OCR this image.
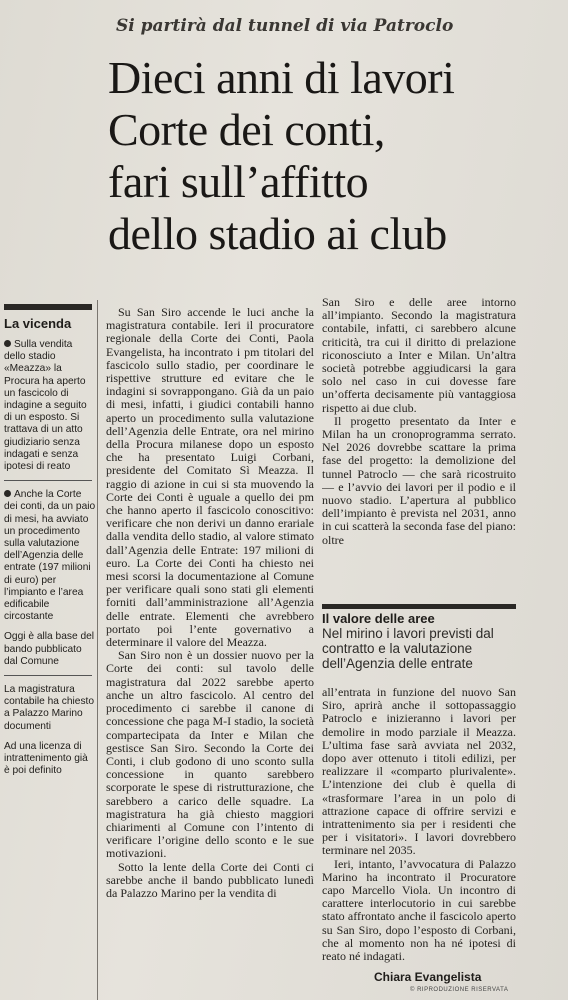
Si partirà dal tunnel di via Patroclo
Dieci anni di lavori
Corte dei conti,
fari sull’affitto
dello stadio ai club
La vicenda
Sulla vendita dello stadio «Meazza» la Procura ha aperto un fascicolo di indagine a seguito di un esposto. Si trattava di un atto giudiziario senza indagati e senza ipotesi di reato
Anche la Corte dei conti, da un paio di mesi, ha avviato un procedimento sulla valutazione dell’Agenzia delle entrate (197 milioni di euro) per l’impianto e l’area edificabile circostante
Oggi è alla base del bando pubblicato dal Comune
La magistratura contabile ha chiesto a Palazzo Marino documenti
Ad una licenza di intrattenimento già è poi definito

Su San Siro accende le luci anche la magistratura contabile. Ieri il procuratore regionale della Corte dei Conti, Paola Evangelista, ha incontrato i pm titolari del fascicolo sullo stadio, per coordinare le rispettive strutture ed evitare che le indagini si sovrappongano. Già da un paio di mesi, infatti, i giudici contabili hanno aperto un procedimento sulla valutazione dell’Agenzia delle Entrate, ora nel mirino della Procura milanese dopo un esposto che ha presentato Luigi Corbani, presidente del Comitato Sì Meazza. Il raggio di azione in cui si sta muovendo la Corte dei Conti è uguale a quello dei pm che hanno aperto il fascicolo conoscitivo: verificare che non derivi un danno erariale dalla vendita dello stadio, al valore stimato dall’Agenzia delle Entrate: 197 milioni di euro. La Corte dei Conti ha chiesto nei mesi scorsi la documentazione al Comune per verificare quali sono stati gli elementi forniti dall’amministrazione all’Agenzia delle entrate. Elementi che avrebbero portato poi l’ente governativo a determinare il valore del Meazza.

San Siro non è un dossier nuovo per la Corte dei conti: sul tavolo delle magistratura dal 2022 sarebbe aperto anche un altro fascicolo. Al centro del procedimento ci sarebbe il canone di concessione che paga M-I stadio, la società compartecipata da Inter e Milan che gestisce San Siro. Secondo la Corte dei Conti, i club godono di uno sconto sulla concessione in quanto sarebbero scorporate le spese di ristrutturazione, che sarebbero a carico delle squadre. La magistratura ha già chiesto maggiori chiarimenti al Comune con l’intento di verificare l’origine dello sconto e le sue motivazioni.

Sotto la lente della Corte dei Conti ci sarebbe anche il bando pubblicato lunedì da Palazzo Marino per la vendita di

San Siro e delle aree intorno all’impianto. Secondo la magistratura contabile, infatti, ci sarebbero alcune criticità, tra cui il diritto di prelazione riconosciuto a Inter e Milan. Un’altra società potrebbe aggiudicarsi la gara solo nel caso in cui dovesse fare un’offerta decisamente più vantaggiosa rispetto ai due club.

Il progetto presentato da Inter e Milan ha un cronoprogramma serrato. Nel 2026 dovrebbe scattare la prima fase del progetto: la demolizione del tunnel Patroclo — che sarà ricostruito — e l’avvio dei lavori per il podio e il nuovo stadio. L’apertura al pubblico dell’impianto è prevista nel 2031, anno in cui scatterà la seconda fase del piano: oltre

Il valore delle aree
Nel mirino i lavori previsti dal contratto e la valutazione dell’Agenzia delle entrate

all’entrata in funzione del nuovo San Siro, aprirà anche il sottopassaggio Patroclo e inizieranno i lavori per demolire in modo parziale il Meazza. L’ultima fase sarà avviata nel 2032, dopo aver ottenuto i titoli edilizi, per realizzare il «comparto plurivalente». L’intenzione dei club è quella di «trasformare l’area in un polo di attrazione capace di offrire servizi e intrattenimento sia per i residenti che per i visitatori». I lavori dovrebbero terminare nel 2035.

Ieri, intanto, l’avvocatura di Palazzo Marino ha incontrato il Procuratore capo Marcello Viola. Un incontro di carattere interlocutorio in cui sarebbe stato affrontato anche il fascicolo aperto su San Siro, dopo l’esposto di Corbani, che al momento non ha né ipotesi di reato né indagati.

Chiara Evangelista
© RIPRODUZIONE RISERVATA
